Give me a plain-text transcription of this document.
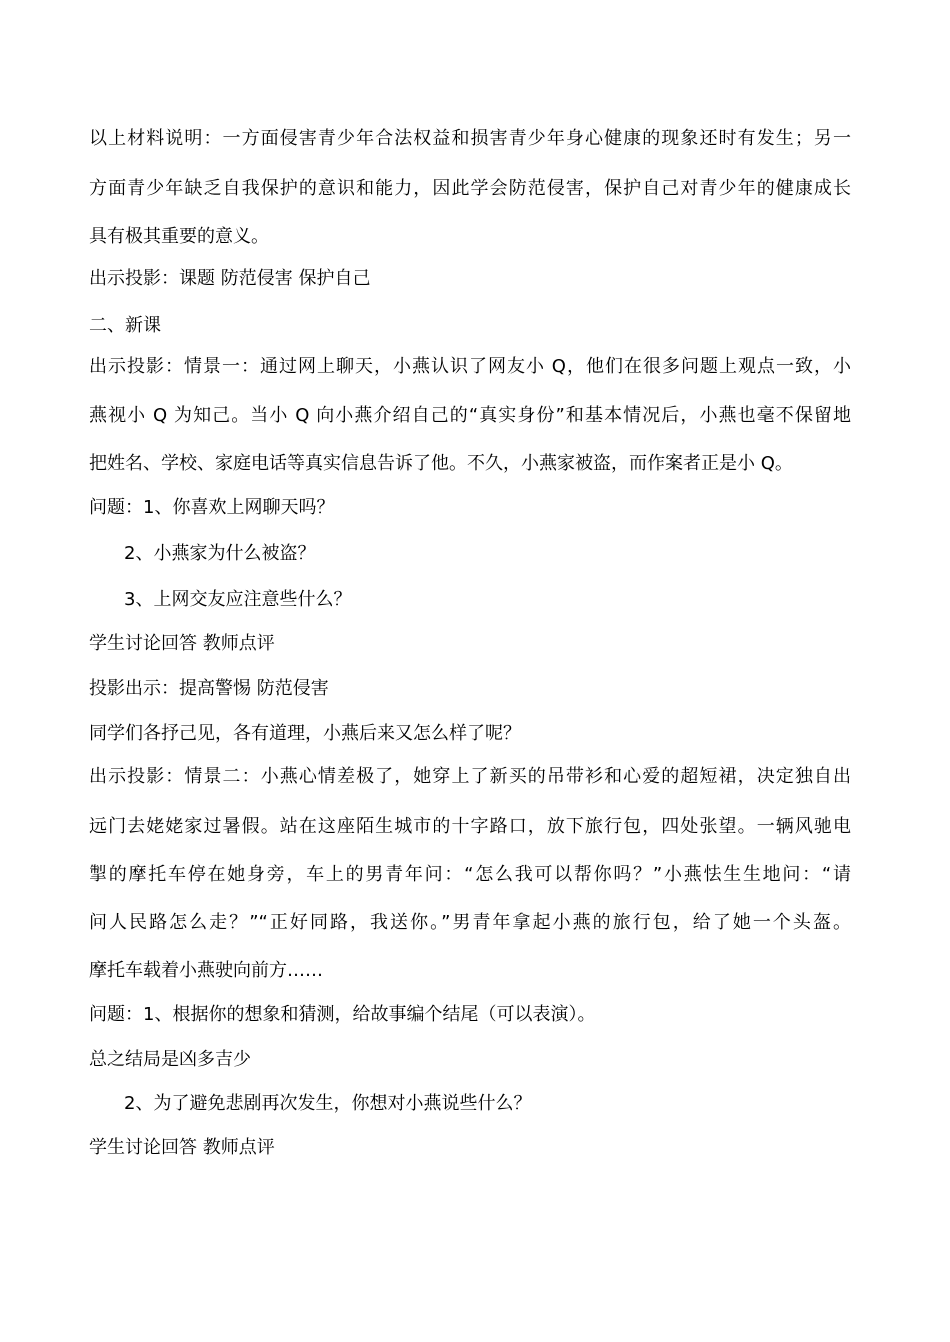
以上材料说明：一方面侵害青少年合法权益和损害青少年身心健康的现象还时有发生；另一
方面青少年缺乏自我保护的意识和能力，因此学会防范侵害，保护自己对青少年的健康成长
具有极其重要的意义。
出示投影：课题 防范侵害 保护自己
二、新课
出示投影：情景一：通过网上聊天，小燕认识了网友小 Q，他们在很多问题上观点一致，小
燕视小 Q 为知己。当小 Q 向小燕介绍自己的“真实身份”和基本情况后，小燕也毫不保留地
把姓名、学校、家庭电话等真实信息告诉了他。不久，小燕家被盗，而作案者正是小 Q。
问题：1、你喜欢上网聊天吗？
2、小燕家为什么被盗？
3、上网交友应注意些什么？
学生讨论回答 教师点评
投影出示：提高警惕 防范侵害
同学们各抒己见，各有道理，小燕后来又怎么样了呢？
出示投影：情景二：小燕心情差极了，她穿上了新买的吊带衫和心爱的超短裙，决定独自出
远门去姥姥家过暑假。站在这座陌生城市的十字路口，放下旅行包，四处张望。一辆风驰电
掣的摩托车停在她身旁，车上的男青年问：“怎么我可以帮你吗？”小燕怯生生地问：“请
问人民路怎么走？”“正好同路，我送你。”男青年拿起小燕的旅行包，给了她一个头盔。
摩托车载着小燕驶向前方……
问题：1、根据你的想象和猜测，给故事编个结尾（可以表演）。
总之结局是凶多吉少
2、为了避免悲剧再次发生，你想对小燕说些什么？
学生讨论回答 教师点评
